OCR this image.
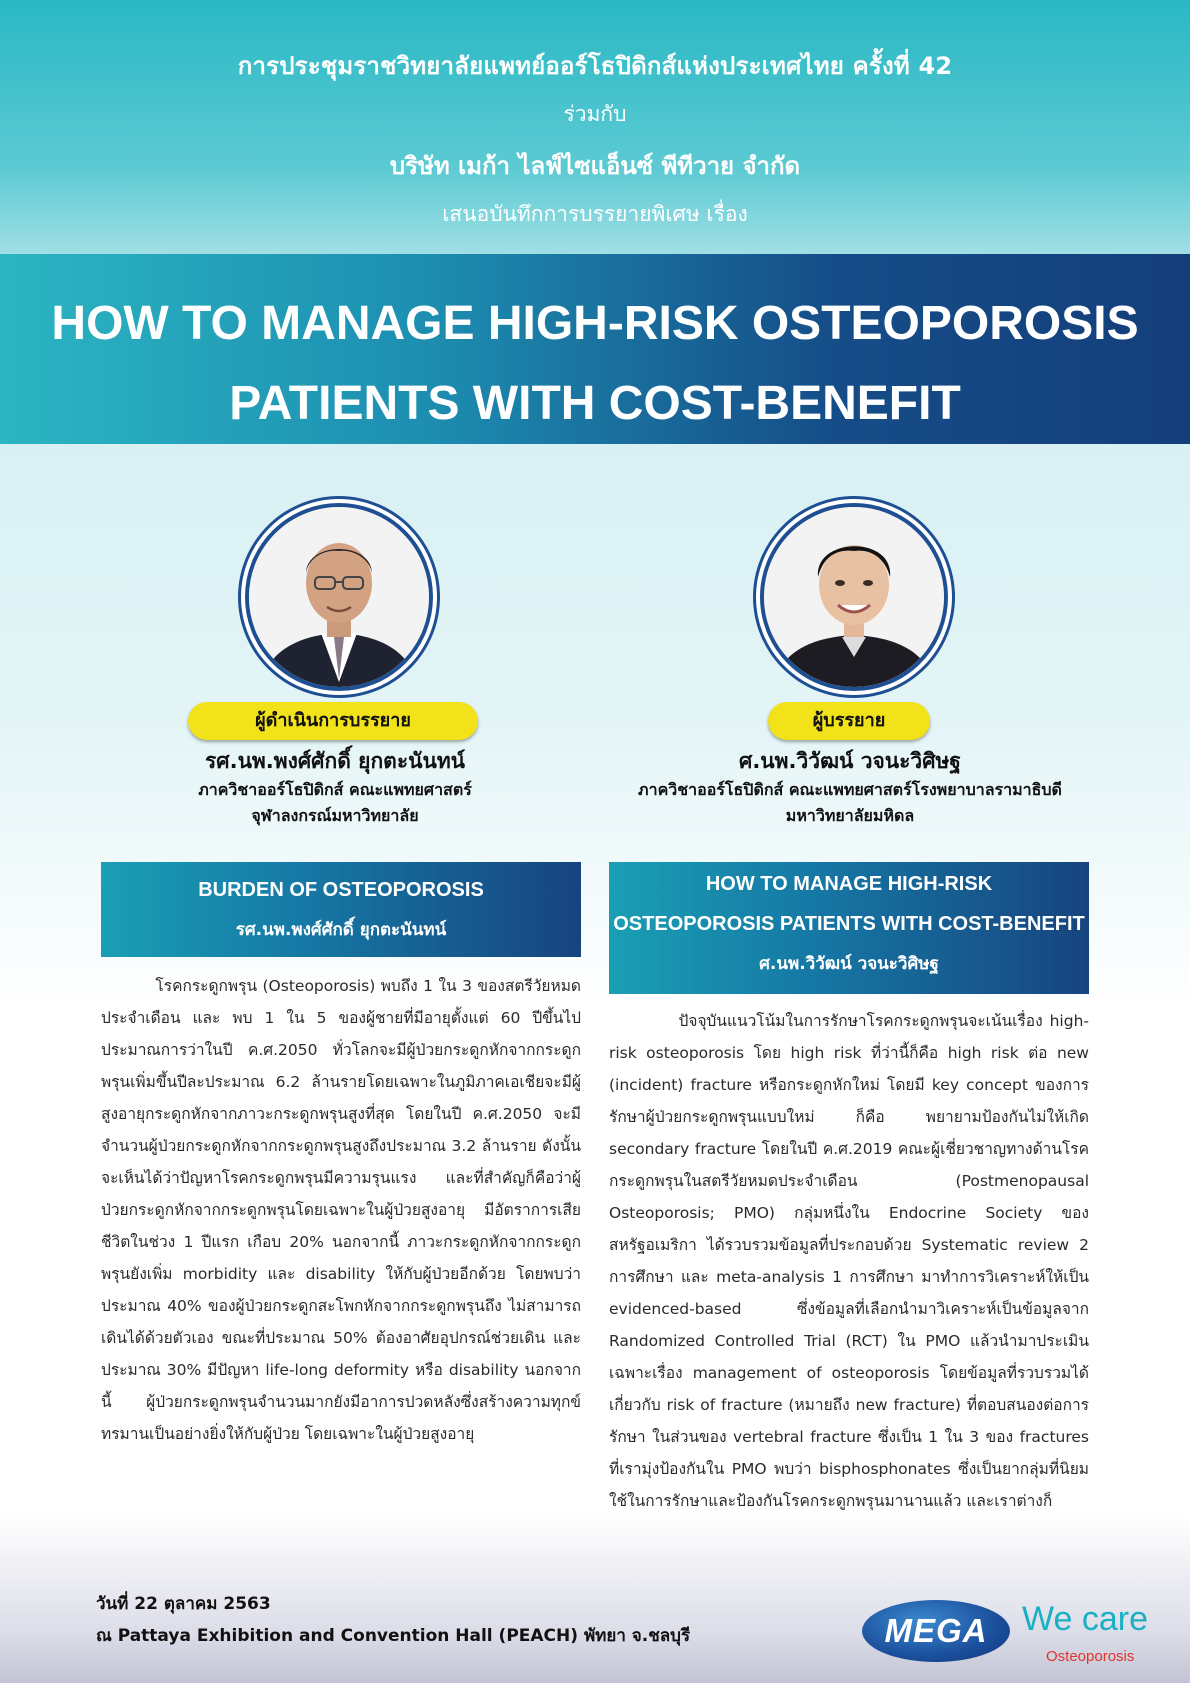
การประชุมราชวิทยาลัยแพทย์ออร์โธปิดิกส์แห่งประเทศไทย ครั้งที่ 42
ร่วมกับ
บริษัท เมก้า ไลฟ์ไซแอ็นซ์ พีทีวาย จำกัด
เสนอบันทึกการบรรยายพิเศษ เรื่อง
HOW TO MANAGE HIGH-RISK OSTEOPOROSIS
PATIENTS WITH COST-BENEFIT
ผู้ดำเนินการบรรยาย	ผู้บรรยาย
รศ.นพ.พงศ์ศักดิ์ ยุกตะนันทน์
ภาควิชาออร์โธปิดิกส์ คณะแพทยศาสตร์
จุฬาลงกรณ์มหาวิทยาลัย
ศ.นพ.วิวัฒน์ วจนะวิศิษฐ
ภาควิชาออร์โธปิดิกส์ คณะแพทยศาสตร์โรงพยาบาลรามาธิบดี
มหาวิทยาลัยมหิดล
BURDEN OF OSTEOPOROSIS
รศ.นพ.พงศ์ศักดิ์ ยุกตะนันทน์
HOW TO MANAGE HIGH-RISK
OSTEOPOROSIS PATIENTS WITH COST-BENEFIT
ศ.นพ.วิวัฒน์ วจนะวิศิษฐ

โรคกระดูกพรุน (Osteoporosis) พบถึง 1 ใน 3 ของสตรีวัยหมดประจำเดือน และ พบ 1 ใน 5 ของผู้ชายที่มีอายุตั้งแต่ 60 ปีขึ้นไป ประมาณการว่าในปี ค.ศ.2050 ทั่วโลกจะมีผู้ป่วยกระดูกหักจากกระดูกพรุนเพิ่มขึ้นปีละประมาณ 6.2 ล้านรายโดยเฉพาะในภูมิภาคเอเชียจะมีผู้สูงอายุกระดูกหักจากภาวะกระดูกพรุนสูงที่สุด โดยในปี ค.ศ.2050 จะมีจำนวนผู้ป่วยกระดูกหักจากกระดูกพรุนสูงถึงประมาณ 3.2 ล้านราย ดังนั้นจะเห็นได้ว่าปัญหาโรคกระดูกพรุนมีความรุนแรง และที่สำคัญก็คือว่าผู้ป่วยกระดูกหักจากกระดูกพรุนโดยเฉพาะในผู้ป่วยสูงอายุ มีอัตราการเสียชีวิตในช่วง 1 ปีแรก เกือบ 20% นอกจากนี้ ภาวะกระดูกหักจากกระดูกพรุนยังเพิ่ม morbidity และ disability ให้กับผู้ป่วยอีกด้วย โดยพบว่าประมาณ 40% ของผู้ป่วยกระดูกสะโพกหักจากกระดูกพรุนถึง ไม่สามารถเดินได้ด้วยตัวเอง ขณะที่ประมาณ 50% ต้องอาศัยอุปกรณ์ช่วยเดิน และประมาณ 30% มีปัญหา life-long deformity หรือ disability นอกจากนี้ ผู้ป่วยกระดูกพรุนจำนวนมากยังมีอาการปวดหลังซึ่งสร้างความทุกข์ทรมานเป็นอย่างยิ่งให้กับผู้ป่วย โดยเฉพาะในผู้ป่วยสูงอายุ

ปัจจุบันแนวโน้มในการรักษาโรคกระดูกพรุนจะเน้นเรื่อง high-risk osteoporosis โดย high risk ที่ว่านี้ก็คือ high risk ต่อ new (incident) fracture หรือกระดูกหักใหม่ โดยมี key concept ของการรักษาผู้ป่วยกระดูกพรุนแบบใหม่ ก็คือ พยายามป้องกันไม่ให้เกิด secondary fracture โดยในปี ค.ศ.2019 คณะผู้เชี่ยวชาญทางด้านโรคกระดูกพรุนในสตรีวัยหมดประจำเดือน (Postmenopausal Osteoporosis; PMO) กลุ่มหนึ่งใน Endocrine Society ของสหรัฐอเมริกา ได้รวบรวมข้อมูลที่ประกอบด้วย Systematic review 2 การศึกษา และ meta-analysis 1 การศึกษา มาทำการวิเคราะห์ให้เป็น evidenced-based ซึ่งข้อมูลที่เลือกนำมาวิเคราะห์เป็นข้อมูลจาก Randomized Controlled Trial (RCT) ใน PMO แล้วนำมาประเมินเฉพาะเรื่อง management of osteoporosis โดยข้อมูลที่รวบรวมได้เกี่ยวกับ risk of fracture (หมายถึง new fracture) ที่ตอบสนองต่อการรักษา ในส่วนของ vertebral fracture ซึ่งเป็น 1 ใน 3 ของ fractures ที่เรามุ่งป้องกันใน PMO พบว่า bisphosphonates ซึ่งเป็นยากลุ่มที่นิยมใช้ในการรักษาและป้องกันโรคกระดูกพรุนมานานแล้ว และเราต่างก็

วันที่ 22 ตุลาคม 2563
ณ Pattaya Exhibition and Convention Hall (PEACH) พัทยา จ.ชลบุรี	MEGA	We care
Osteoporosis
